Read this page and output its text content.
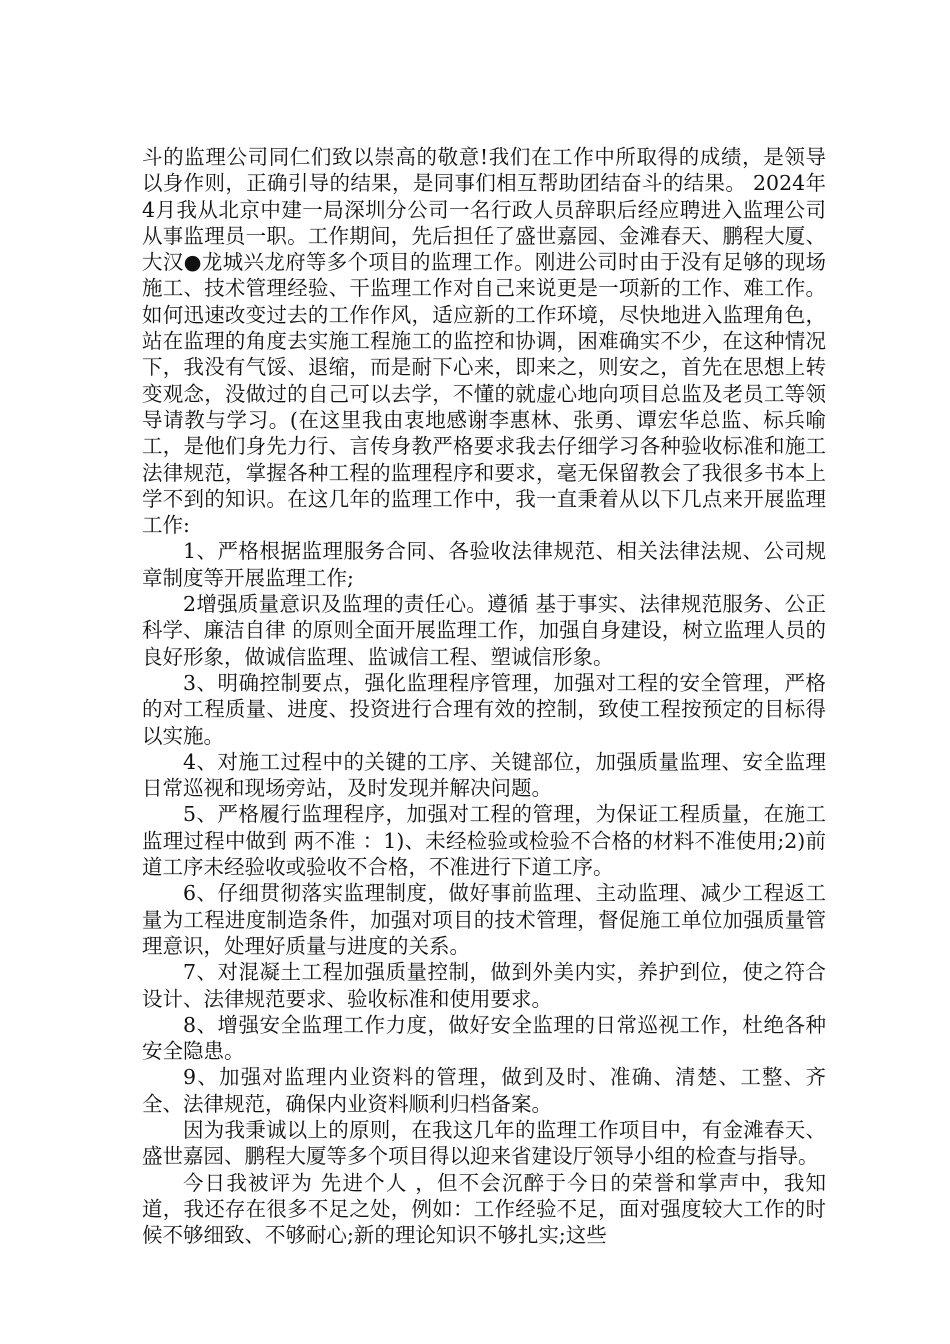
斗的监理公司同仁们致以崇高的敬意!我们在工作中所取得的成绩，是领导以身作则，正确引导的结果，是同事们相互帮助团结奋斗的结果。 2024年4月我从北京中建一局深圳分公司一名行政人员辞职后经应聘进入监理公司从事监理员一职。工作期间，先后担任了盛世嘉园、金滩春天、鹏程大厦、大汉●龙城兴龙府等多个项目的监理工作。刚进公司时由于没有足够的现场施工、技术管理经验、干监理工作对自己来说更是一项新的工作、难工作。如何迅速改变过去的工作作风，适应新的工作环境，尽快地进入监理角色，站在监理的角度去实施工程施工的监控和协调，困难确实不少，在这种情况下，我没有气馁、退缩，而是耐下心来，即来之，则安之，首先在思想上转变观念，没做过的自己可以去学，不懂的就虚心地向项目总监及老员工等领导请教与学习。(在这里我由衷地感谢李惠林、张勇、谭宏华总监、标兵喻工，是他们身先力行、言传身教严格要求我去仔细学习各种验收标准和施工法律规范，掌握各种工程的监理程序和要求，毫无保留教会了我很多书本上学不到的知识。在这几年的监理工作中，我一直秉着从以下几点来开展监理工作:

1、严格根据监理服务合同、各验收法律规范、相关法律法规、公司规章制度等开展监理工作;

2增强质量意识及监理的责任心。遵循 基于事实、法律规范服务、公正科学、廉洁自律 的原则全面开展监理工作，加强自身建设，树立监理人员的良好形象，做诚信监理、监诚信工程、塑诚信形象。

3、明确控制要点，强化监理程序管理，加强对工程的安全管理，严格的对工程质量、进度、投资进行合理有效的控制，致使工程按预定的目标得以实施。

4、对施工过程中的关键的工序、关键部位，加强质量监理、安全监理日常巡视和现场旁站，及时发现并解决问题。

5、严格履行监理程序，加强对工程的管理，为保证工程质量，在施工监理过程中做到 两不准 ：1)、未经检验或检验不合格的材料不准使用;2)前道工序未经验收或验收不合格，不准进行下道工序。

6、仔细贯彻落实监理制度，做好事前监理、主动监理、减少工程返工量为工程进度制造条件，加强对项目的技术管理，督促施工单位加强质量管理意识，处理好质量与进度的关系。

7、对混凝土工程加强质量控制，做到外美内实，养护到位，使之符合设计、法律规范要求、验收标准和使用要求。

8、增强安全监理工作力度，做好安全监理的日常巡视工作，杜绝各种安全隐患。

9、加强对监理内业资料的管理，做到及时、准确、清楚、工整、齐全、法律规范，确保内业资料顺利归档备案。

因为我秉诚以上的原则，在我这几年的监理工作项目中，有金滩春天、盛世嘉园、鹏程大厦等多个项目得以迎来省建设厅领导小组的检查与指导。

今日我被评为 先进个人 ，但不会沉醉于今日的荣誉和掌声中，我知道，我还存在很多不足之处，例如：工作经验不足，面对强度较大工作的时候不够细致、不够耐心;新的理论知识不够扎实;这些
